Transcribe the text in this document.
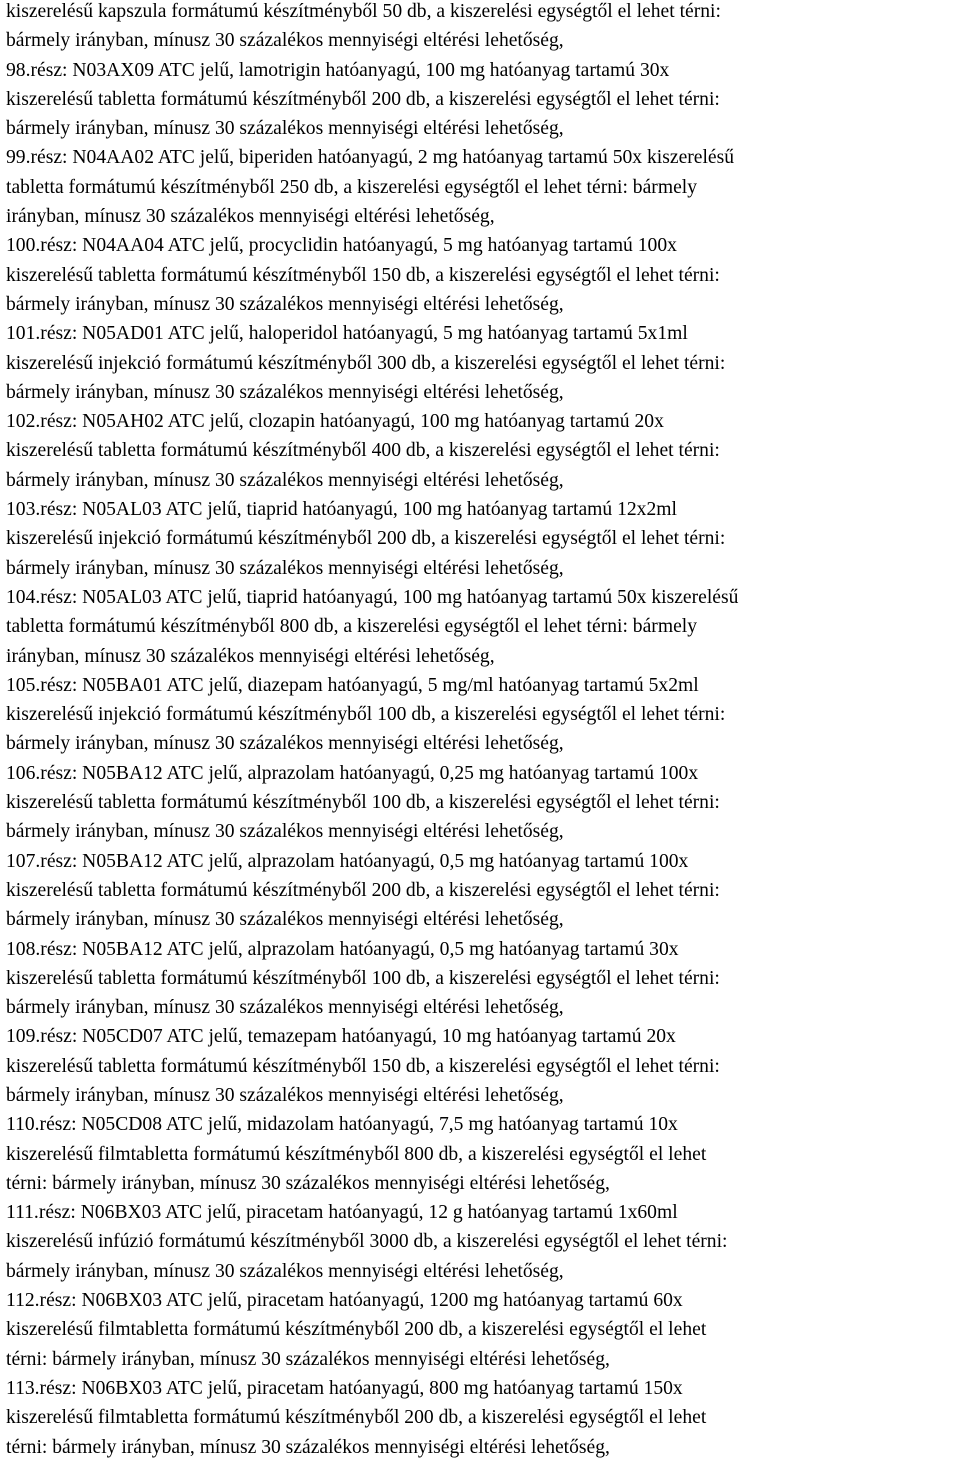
kiszerelésű kapszula formátumú készítményből 50 db, a kiszerelési egységtől el lehet térni:
bármely irányban, mínusz 30 százalékos mennyiségi eltérési lehetőség,
98.rész: N03AX09 ATC jelű, lamotrigin hatóanyagú, 100 mg hatóanyag tartamú 30x
kiszerelésű tabletta formátumú készítményből 200 db, a kiszerelési egységtől el lehet térni:
bármely irányban, mínusz 30 százalékos mennyiségi eltérési lehetőség,
99.rész: N04AA02 ATC jelű, biperiden hatóanyagú, 2 mg hatóanyag tartamú 50x kiszerelésű
tabletta formátumú készítményből 250 db, a kiszerelési egységtől el lehet térni: bármely
irányban, mínusz 30 százalékos mennyiségi eltérési lehetőség,
100.rész: N04AA04 ATC jelű, procyclidin hatóanyagú, 5 mg hatóanyag tartamú 100x
kiszerelésű tabletta formátumú készítményből 150 db, a kiszerelési egységtől el lehet térni:
bármely irányban, mínusz 30 százalékos mennyiségi eltérési lehetőség,
101.rész: N05AD01 ATC jelű, haloperidol hatóanyagú, 5 mg hatóanyag tartamú 5x1ml
kiszerelésű injekció formátumú készítményből 300 db, a kiszerelési egységtől el lehet térni:
bármely irányban, mínusz 30 százalékos mennyiségi eltérési lehetőség,
102.rész: N05AH02 ATC jelű, clozapin hatóanyagú, 100 mg hatóanyag tartamú 20x
kiszerelésű tabletta formátumú készítményből 400 db, a kiszerelési egységtől el lehet térni:
bármely irányban, mínusz 30 százalékos mennyiségi eltérési lehetőség,
103.rész: N05AL03 ATC jelű, tiaprid hatóanyagú, 100 mg hatóanyag tartamú 12x2ml
kiszerelésű injekció formátumú készítményből 200 db, a kiszerelési egységtől el lehet térni:
bármely irányban, mínusz 30 százalékos mennyiségi eltérési lehetőség,
104.rész: N05AL03 ATC jelű, tiaprid hatóanyagú, 100 mg hatóanyag tartamú 50x kiszerelésű
tabletta formátumú készítményből 800 db, a kiszerelési egységtől el lehet térni: bármely
irányban, mínusz 30 százalékos mennyiségi eltérési lehetőség,
105.rész: N05BA01 ATC jelű, diazepam hatóanyagú, 5 mg/ml hatóanyag tartamú 5x2ml
kiszerelésű injekció formátumú készítményből 100 db, a kiszerelési egységtől el lehet térni:
bármely irányban, mínusz 30 százalékos mennyiségi eltérési lehetőség,
106.rész: N05BA12 ATC jelű, alprazolam hatóanyagú, 0,25 mg hatóanyag tartamú 100x
kiszerelésű tabletta formátumú készítményből 100 db, a kiszerelési egységtől el lehet térni:
bármely irányban, mínusz 30 százalékos mennyiségi eltérési lehetőség,
107.rész: N05BA12 ATC jelű, alprazolam hatóanyagú, 0,5 mg hatóanyag tartamú 100x
kiszerelésű tabletta formátumú készítményből 200 db, a kiszerelési egységtől el lehet térni:
bármely irányban, mínusz 30 százalékos mennyiségi eltérési lehetőség,
108.rész: N05BA12 ATC jelű, alprazolam hatóanyagú, 0,5 mg hatóanyag tartamú 30x
kiszerelésű tabletta formátumú készítményből 100 db, a kiszerelési egységtől el lehet térni:
bármely irányban, mínusz 30 százalékos mennyiségi eltérési lehetőség,
109.rész: N05CD07 ATC jelű, temazepam hatóanyagú, 10 mg hatóanyag tartamú 20x
kiszerelésű tabletta formátumú készítményből 150 db, a kiszerelési egységtől el lehet térni:
bármely irányban, mínusz 30 százalékos mennyiségi eltérési lehetőség,
110.rész: N05CD08 ATC jelű, midazolam hatóanyagú, 7,5 mg hatóanyag tartamú 10x
kiszerelésű filmtabletta formátumú készítményből 800 db, a kiszerelési egységtől el lehet
térni: bármely irányban, mínusz 30 százalékos mennyiségi eltérési lehetőség,
111.rész: N06BX03 ATC jelű, piracetam hatóanyagú, 12 g hatóanyag tartamú 1x60ml
kiszerelésű infúzió formátumú készítményből 3000 db, a kiszerelési egységtől el lehet térni:
bármely irányban, mínusz 30 százalékos mennyiségi eltérési lehetőség,
112.rész: N06BX03 ATC jelű, piracetam hatóanyagú, 1200 mg hatóanyag tartamú 60x
kiszerelésű filmtabletta formátumú készítményből 200 db, a kiszerelési egységtől el lehet
térni: bármely irányban, mínusz 30 százalékos mennyiségi eltérési lehetőség,
113.rész: N06BX03 ATC jelű, piracetam hatóanyagú, 800 mg hatóanyag tartamú 150x
kiszerelésű filmtabletta formátumú készítményből 200 db, a kiszerelési egységtől el lehet
térni: bármely irányban, mínusz 30 százalékos mennyiségi eltérési lehetőség,
